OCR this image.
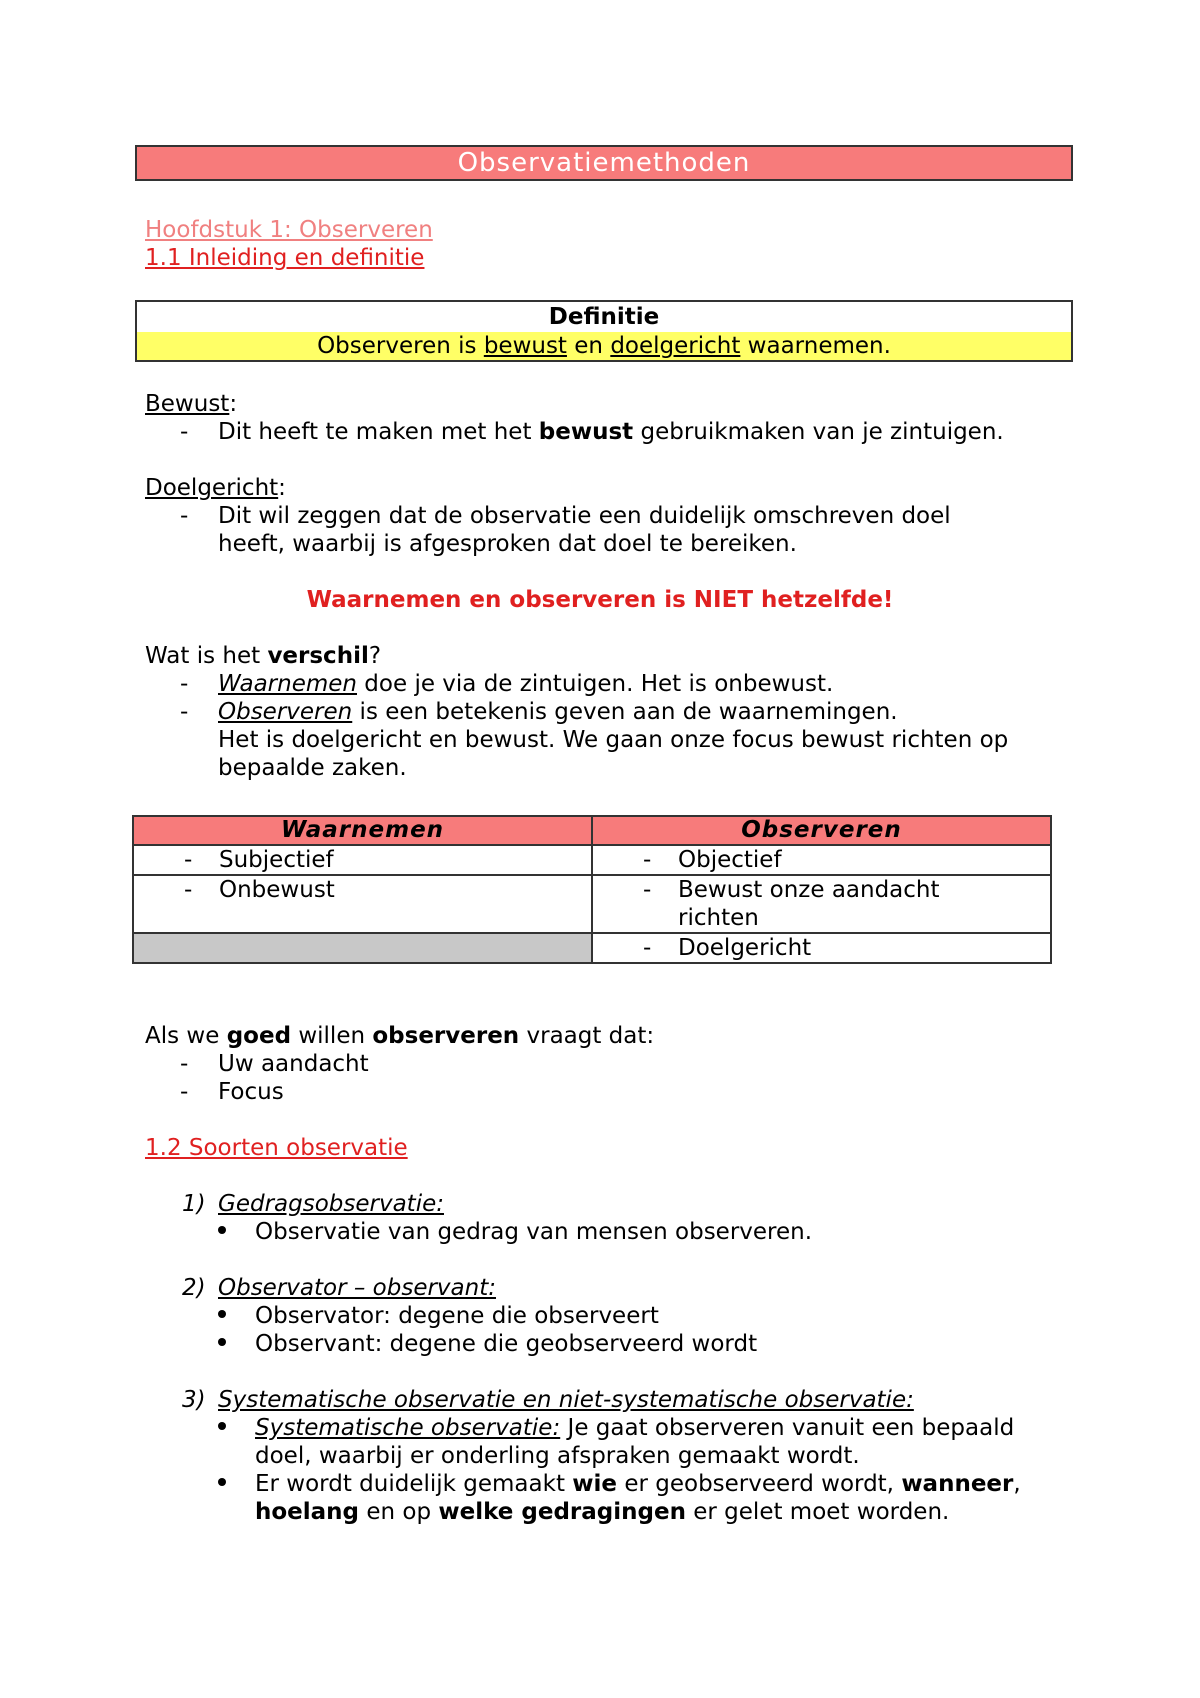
Observatiemethoden
Hoofdstuk 1: Observeren
1.1 Inleiding en definitie
Definitie
Observeren is bewust en doelgericht waarnemen.
Bewust:
- Dit heeft te maken met het bewust gebruikmaken van je zintuigen.
Doelgericht:
- Dit wil zeggen dat de observatie een duidelijk omschreven doel
heeft, waarbij is afgesproken dat doel te bereiken.
Waarnemen en observeren is NIET hetzelfde!
Wat is het verschil?
- Waarnemen doe je via de zintuigen. Het is onbewust.
- Observeren is een betekenis geven aan de waarnemingen.
Het is doelgericht en bewust. We gaan onze focus bewust richten op
bepaalde zaken.
Waarnemen	Observeren

- Subjectief	- Objectief

- Onbewust	- Bewust onze aandacht
richten

	- Doelgericht
Als we goed willen observeren vraagt dat:
- Uw aandacht
- Focus
1.2 Soorten observatie
1) Gedragsobservatie:
Observatie van gedrag van mensen observeren.
2) Observator – observant:
Observator: degene die observeert
Observant: degene die geobserveerd wordt
3) Systematische observatie en niet-systematische observatie:
Systematische observatie: Je gaat observeren vanuit een bepaald
doel, waarbij er onderling afspraken gemaakt wordt.
Er wordt duidelijk gemaakt wie er geobserveerd wordt, wanneer,
hoelang en op welke gedragingen er gelet moet worden.
